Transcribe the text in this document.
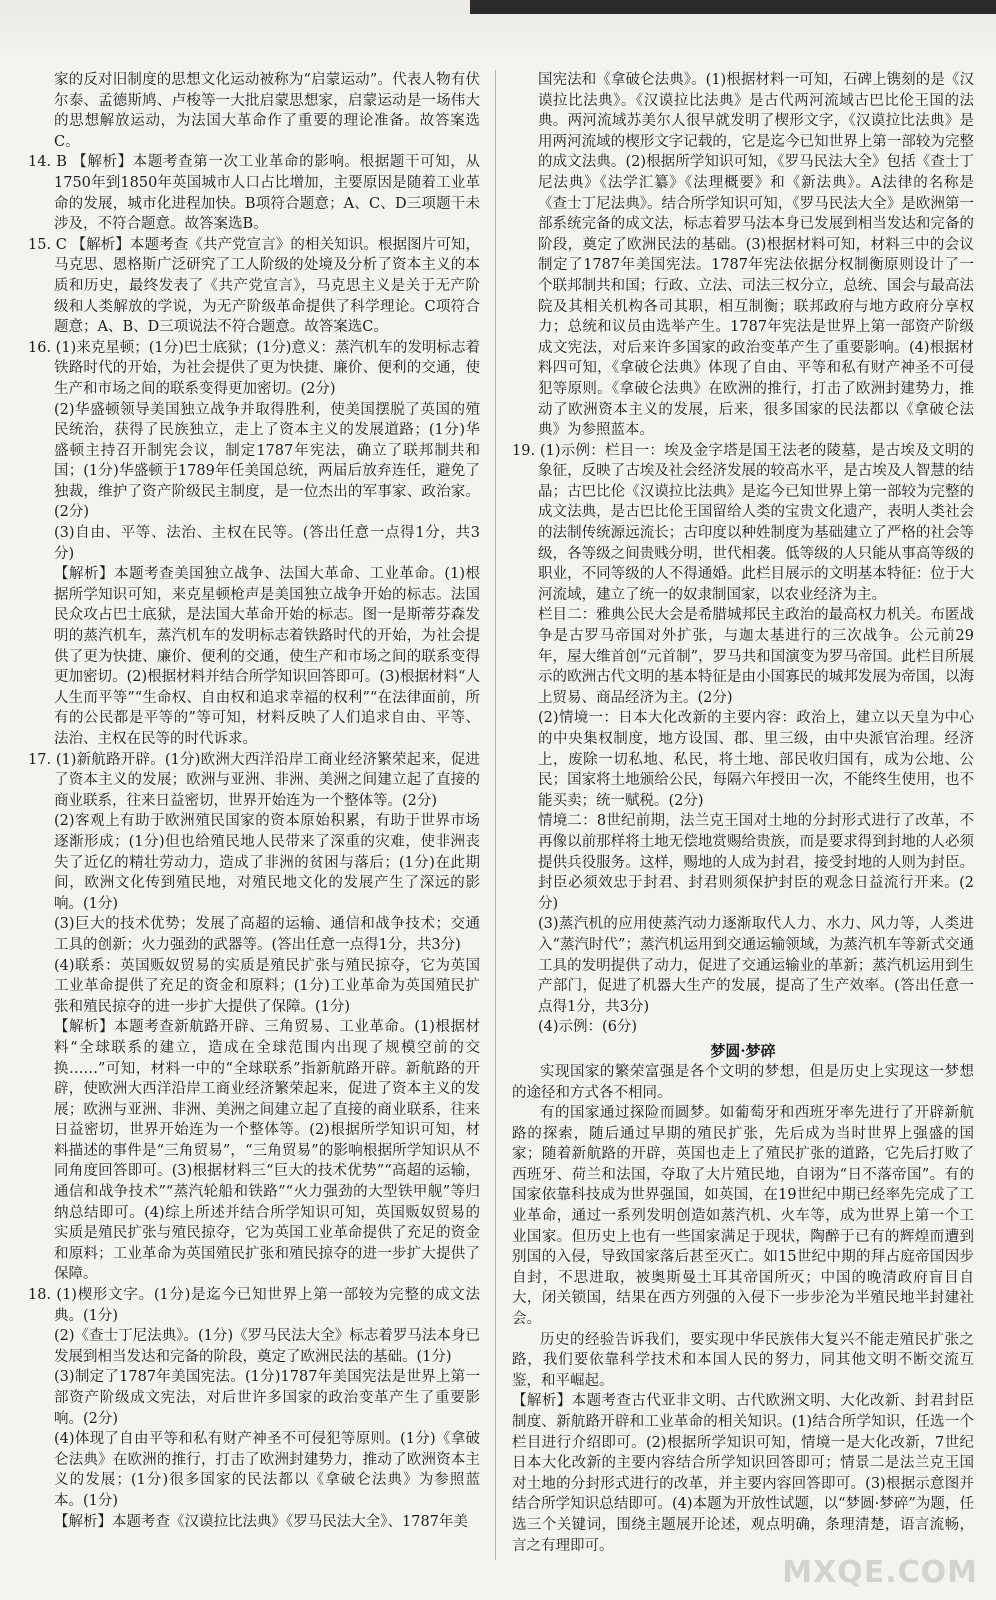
家的反对旧制度的思想文化运动被称为“启蒙运动”。代表人物有伏尔泰、孟德斯鸠、卢梭等一大批启蒙思想家，启蒙运动是一场伟大的思想解放运动，为法国大革命作了重要的理论准备。故答案选C。

14. B 【解析】本题考查第一次工业革命的影响。根据题干可知，从1750年到1850年英国城市人口占比增加，主要原因是随着工业革命的发展，城市化进程加快。B项符合题意；A、C、D三项题干未涉及，不符合题意。故答案选B。

15. C 【解析】本题考查《共产党宣言》的相关知识。根据图片可知，马克思、恩格斯广泛研究了工人阶级的处境及分析了资本主义的本质和历史，最终发表了《共产党宣言》，马克思主义是关于无产阶级和人类解放的学说，为无产阶级革命提供了科学理论。C项符合题意；A、B、D三项说法不符合题意。故答案选C。

16. (1)来克星顿；(1分)巴士底狱；(1分)意义：蒸汽机车的发明标志着铁路时代的开始，为社会提供了更为快捷、廉价、便利的交通，使生产和市场之间的联系变得更加密切。(2分)

(2)华盛顿领导美国独立战争并取得胜利，使美国摆脱了英国的殖民统治，获得了民族独立，走上了资本主义的发展道路；(1分)华盛顿主持召开制宪会议，制定1787年宪法，确立了联邦制共和国；(1分)华盛顿于1789年任美国总统，两届后放弃连任，避免了独裁，维护了资产阶级民主制度，是一位杰出的军事家、政治家。(2分)

(3)自由、平等、法治、主权在民等。(答出任意一点得1分，共3分)

【解析】本题考查美国独立战争、法国大革命、工业革命。(1)根据所学知识可知，来克星顿枪声是美国独立战争开始的标志。法国民众攻占巴士底狱，是法国大革命开始的标志。图一是斯蒂芬森发明的蒸汽机车，蒸汽机车的发明标志着铁路时代的开始，为社会提供了更为快捷、廉价、便利的交通，使生产和市场之间的联系变得更加密切。(2)根据材料并结合所学知识回答即可。(3)根据材料“人人生而平等”“生命权、自由权和追求幸福的权利”“在法律面前，所有的公民都是平等的”等可知，材料反映了人们追求自由、平等、法治、主权在民等的时代诉求。

17. (1)新航路开辟。(1分)欧洲大西洋沿岸工商业经济繁荣起来，促进了资本主义的发展；欧洲与亚洲、非洲、美洲之间建立起了直接的商业联系，往来日益密切，世界开始连为一个整体等。(2分)

(2)客观上有助于欧洲殖民国家的资本原始积累，有助于世界市场逐渐形成；(1分)但也给殖民地人民带来了深重的灾难，使非洲丧失了近亿的精壮劳动力，造成了非洲的贫困与落后；(1分)在此期间，欧洲文化传到殖民地，对殖民地文化的发展产生了深远的影响。(1分)

(3)巨大的技术优势；发展了高超的运输、通信和战争技术；交通工具的创新；火力强劲的武器等。(答出任意一点得1分，共3分)

(4)联系：英国贩奴贸易的实质是殖民扩张与殖民掠夺，它为英国工业革命提供了充足的资金和原料；(1分)工业革命为英国殖民扩张和殖民掠夺的进一步扩大提供了保障。(1分)

【解析】本题考查新航路开辟、三角贸易、工业革命。(1)根据材料“全球联系的建立，造成在全球范围内出现了规模空前的交换……”可知，材料一中的“全球联系”指新航路开辟。新航路的开辟，使欧洲大西洋沿岸工商业经济繁荣起来，促进了资本主义的发展；欧洲与亚洲、非洲、美洲之间建立起了直接的商业联系，往来日益密切，世界开始连为一个整体等。(2)根据所学知识可知，材料描述的事件是“三角贸易”，“三角贸易”的影响根据所学知识从不同角度回答即可。(3)根据材料三“巨大的技术优势”“高超的运输，通信和战争技术”“蒸汽轮船和铁路”“火力强劲的大型铁甲舰”等归纳总结即可。(4)综上所述并结合所学知识可知，英国贩奴贸易的实质是殖民扩张与殖民掠夺，它为英国工业革命提供了充足的资金和原料；工业革命为英国殖民扩张和殖民掠夺的进一步扩大提供了保障。

18. (1)楔形文字。(1分)是迄今已知世界上第一部较为完整的成文法典。(1分)

(2)《查士丁尼法典》。(1分)《罗马民法大全》标志着罗马法本身已发展到相当发达和完备的阶段，奠定了欧洲民法的基础。(1分)

(3)制定了1787年美国宪法。(1分)1787年美国宪法是世界上第一部资产阶级成文宪法，对后世许多国家的政治变革产生了重要影响。(2分)

(4)体现了自由平等和私有财产神圣不可侵犯等原则。(1分)《拿破仑法典》在欧洲的推行，打击了欧洲封建势力，推动了欧洲资本主义的发展；(1分)很多国家的民法都以《拿破仑法典》为参照蓝本。(1分)

【解析】本题考查《汉谟拉比法典》《罗马民法大全》、1787年美

国宪法和《拿破仑法典》。(1)根据材料一可知，石碑上镌刻的是《汉谟拉比法典》。《汉谟拉比法典》是古代两河流域古巴比伦王国的法典。两河流域苏美尔人很早就发明了楔形文字，《汉谟拉比法典》是用两河流域的楔形文字记载的，它是迄今已知世界上第一部较为完整的成文法典。(2)根据所学知识可知，《罗马民法大全》包括《查士丁尼法典》《法学汇纂》《法理概要》和《新法典》。A法律的名称是《查士丁尼法典》。结合所学知识可知，《罗马民法大全》是欧洲第一部系统完备的成文法，标志着罗马法本身已发展到相当发达和完备的阶段，奠定了欧洲民法的基础。(3)根据材料可知，材料三中的会议制定了1787年美国宪法。1787年宪法依据分权制衡原则设计了一个联邦制共和国；行政、立法、司法三权分立，总统、国会与最高法院及其相关机构各司其职，相互制衡；联邦政府与地方政府分享权力；总统和议员由选举产生。1787年宪法是世界上第一部资产阶级成文宪法，对后来许多国家的政治变革产生了重要影响。(4)根据材料四可知，《拿破仑法典》体现了自由、平等和私有财产神圣不可侵犯等原则。《拿破仑法典》在欧洲的推行，打击了欧洲封建势力，推动了欧洲资本主义的发展，后来，很多国家的民法都以《拿破仑法典》为参照蓝本。

19. (1)示例：栏目一：埃及金字塔是国王法老的陵墓，是古埃及文明的象征，反映了古埃及社会经济发展的较高水平，是古埃及人智慧的结晶；古巴比伦《汉谟拉比法典》是迄今已知世界上第一部较为完整的成文法典，是古巴比伦王国留给人类的宝贵文化遗产，表明人类社会的法制传统源远流长；古印度以种姓制度为基础建立了严格的社会等级，各等级之间贵贱分明，世代相袭。低等级的人只能从事高等级的职业，不同等级的人不得通婚。此栏目展示的文明基本特征：位于大河流域，建立了统一的奴隶制国家，以农业经济为主。

栏目二：雅典公民大会是希腊城邦民主政治的最高权力机关。布匿战争是古罗马帝国对外扩张，与迦太基进行的三次战争。公元前29年，屋大维首创“元首制”，罗马共和国演变为罗马帝国。此栏目所展示的欧洲古代文明的基本特征是由小国寡民的城邦发展为帝国，以海上贸易、商品经济为主。(2分)

(2)情境一：日本大化改新的主要内容：政治上，建立以天皇为中心的中央集权制度，地方设国、郡、里三级，由中央派官治理。经济上，废除一切私地、私民，将土地、部民收归国有，成为公地、公民；国家将土地颁给公民，每隔六年授田一次，不能终生使用，也不能买卖；统一赋税。(2分)

情境二：8世纪前期，法兰克王国对土地的分封形式进行了改革，不再像以前那样将土地无偿地赏赐给贵族，而是要求得到封地的人必须提供兵役服务。这样，赐地的人成为封君，接受封地的人则为封臣。封臣必须效忠于封君、封君则须保护封臣的观念日益流行开来。(2分)

(3)蒸汽机的应用使蒸汽动力逐渐取代人力、水力、风力等，人类进入“蒸汽时代”；蒸汽机运用到交通运输领域，为蒸汽机车等新式交通工具的发明提供了动力，促进了交通运输业的革新；蒸汽机运用到生产部门，促进了机器大生产的发展，提高了生产效率。(答出任意一点得1分，共3分)

(4)示例：(6分)

梦圆·梦碎

实现国家的繁荣富强是各个文明的梦想，但是历史上实现这一梦想的途径和方式各不相同。

有的国家通过探险而圆梦。如葡萄牙和西班牙率先进行了开辟新航路的探索，随后通过早期的殖民扩张，先后成为当时世界上强盛的国家；随着新航路的开辟，英国也走上了殖民扩张的道路，它先后打败了西班牙、荷兰和法国，夺取了大片殖民地，自诩为“日不落帝国”。有的国家依靠科技成为世界强国，如英国，在19世纪中期已经率先完成了工业革命，通过一系列发明创造如蒸汽机、火车等，成为世界上第一个工业国家。但历史上也有一些国家满足于现状，陶醉于已有的辉煌而遭到别国的入侵，导致国家落后甚至灭亡。如15世纪中期的拜占庭帝国因步自封，不思进取，被奥斯曼土耳其帝国所灭；中国的晚清政府盲目自大，闭关锁国，结果在西方列强的入侵下一步步沦为半殖民地半封建社会。

历史的经验告诉我们，要实现中华民族伟大复兴不能走殖民扩张之路，我们要依靠科学技术和本国人民的努力，同其他文明不断交流互鉴，和平崛起。

【解析】本题考查古代亚非文明、古代欧洲文明、大化改新、封君封臣制度、新航路开辟和工业革命的相关知识。(1)结合所学知识，任选一个栏目进行介绍即可。(2)根据所学知识可知，情境一是大化改新，7世纪日本大化改新的主要内容结合所学知识回答即可；情景二是法兰克王国对土地的分封形式进行的改革，并主要内容回答即可。(3)根据示意图并结合所学知识总结即可。(4)本题为开放性试题，以“梦圆·梦碎”为题，任选三个关键词，围绕主题展开论述，观点明确，条理清楚，语言流畅，言之有理即可。

MXQE.COM
